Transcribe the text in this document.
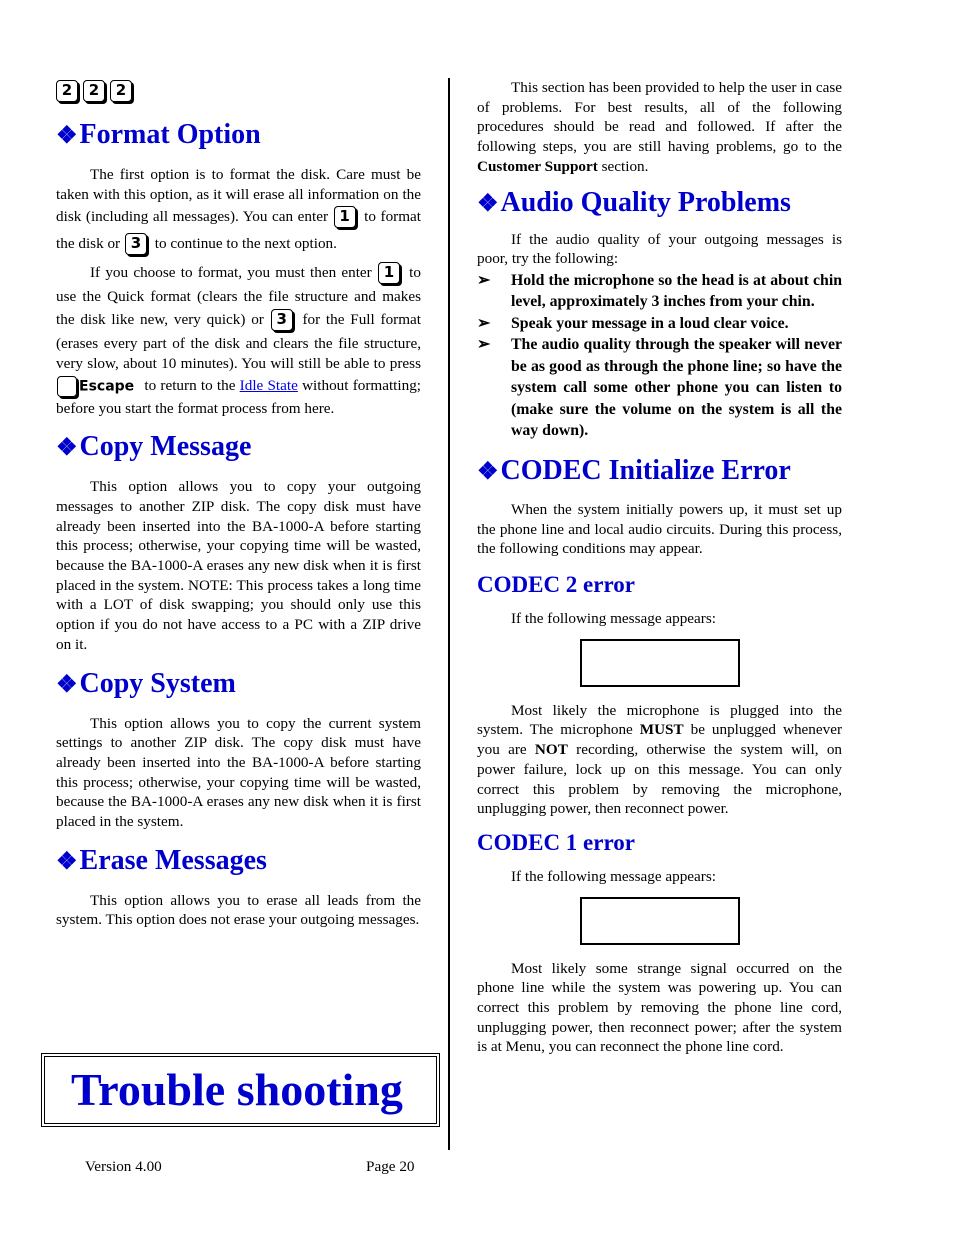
2 2 2
❖Format Option

The first option is to format the disk. Care must be taken with this option, as it will erase all information on the disk (including all messages). You can enter 1 to format the disk or 3 to continue to the next option.

If you choose to format, you must then enter 1 to use the Quick format (clears the file structure and makes the disk like new, very quick) or 3 for the Full format (erases every part of the disk and clears the file structure, very slow, about 10 minutes). You will still be able to press Escape to return to the Idle State without formatting; before you start the format process from here.

❖Copy Message

This option allows you to copy your outgoing messages to another ZIP disk. The copy disk must have already been inserted into the BA-1000-A before starting this process; otherwise, your copying time will be wasted, because the BA-1000-A erases any new disk when it is first placed in the system. NOTE: This process takes a long time with a LOT of disk swapping; you should only use this option if you do not have access to a PC with a ZIP drive on it.

❖Copy System

This option allows you to copy the current system settings to another ZIP disk. The copy disk must have already been inserted into the BA-1000-A before starting this process; otherwise, your copying time will be wasted, because the BA-1000-A erases any new disk when it is first placed in the system.

❖Erase Messages

This option allows you to erase all leads from the system. This option does not erase your outgoing messages.

Trouble shooting

This section has been provided to help the user in case of problems. For best results, all of the following procedures should be read and followed. If after the following steps, you are still having problems, go to the Customer Support section.

❖Audio Quality Problems

If the audio quality of your outgoing messages is poor, try the following:

➢ Hold the microphone so the head is at about chin level, approximately 3 inches from your chin.
➢ Speak your message in a loud clear voice.
➢ The audio quality through the speaker will never be as good as through the phone line; so have the system call some other phone you can listen to (make sure the volume on the system is all the way down).
❖CODEC Initialize Error

When the system initially powers up, it must set up the phone line and local audio circuits. During this process, the following conditions may appear.

CODEC 2 error

If the following message appears:

Most likely the microphone is plugged into the system. The microphone MUST be unplugged whenever you are NOT recording, otherwise the system will, on power failure, lock up on this message. You can only correct this problem by removing the microphone, unplugging power, then reconnect power.

CODEC 1 error

If the following message appears:

Most likely some strange signal occurred on the phone line while the system was powering up. You can correct this problem by removing the phone line cord, unplugging power, then reconnect power; after the system is at Menu, you can reconnect the phone line cord.

Version 4.00	Page 20
